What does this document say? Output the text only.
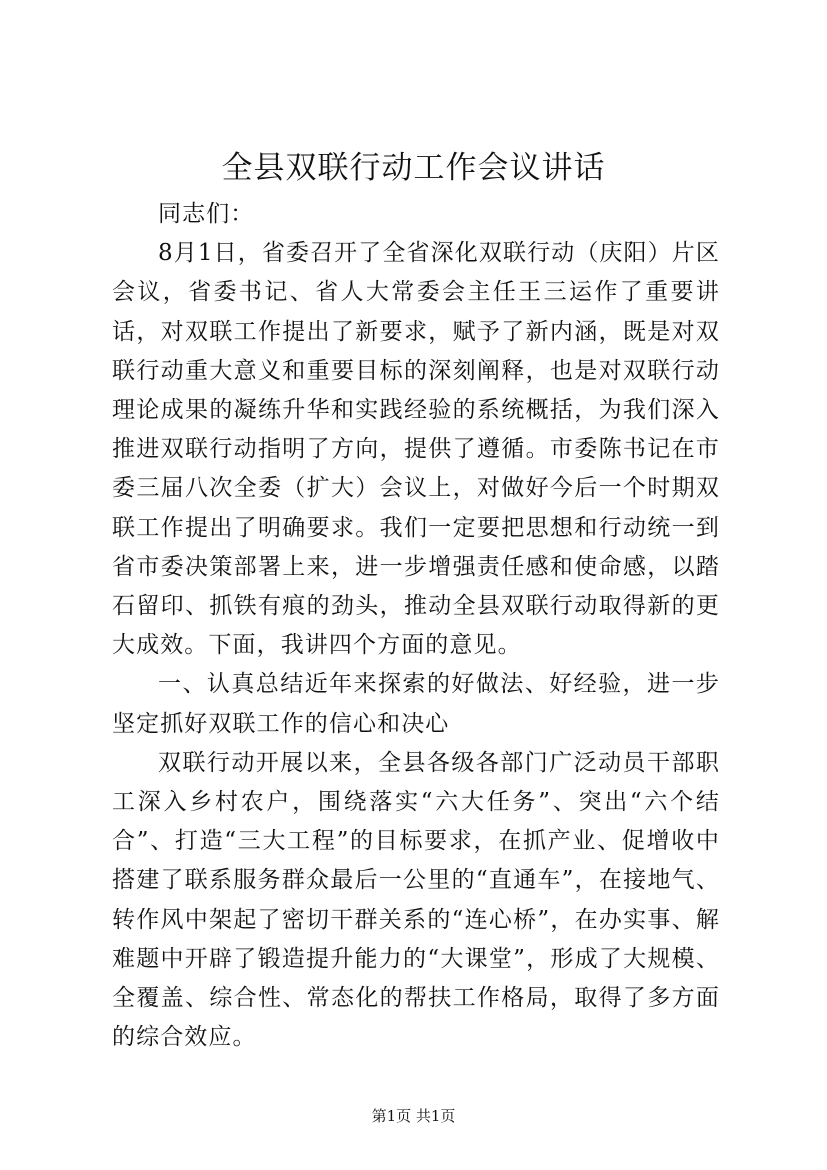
全县双联行动工作会议讲话

同志们：

8月1日，省委召开了全省深化双联行动（庆阳）片区会议，省委书记、省人大常委会主任王三运作了重要讲话，对双联工作提出了新要求，赋予了新内涵，既是对双联行动重大意义和重要目标的深刻阐释，也是对双联行动理论成果的凝练升华和实践经验的系统概括，为我们深入推进双联行动指明了方向，提供了遵循。市委陈书记在市委三届八次全委（扩大）会议上，对做好今后一个时期双联工作提出了明确要求。我们一定要把思想和行动统一到省市委决策部署上来，进一步增强责任感和使命感，以踏石留印、抓铁有痕的劲头，推动全县双联行动取得新的更大成效。下面，我讲四个方面的意见。

一、认真总结近年来探索的好做法、好经验，进一步坚定抓好双联工作的信心和决心

双联行动开展以来，全县各级各部门广泛动员干部职工深入乡村农户，围绕落实“六大任务”、突出“六个结合”、打造“三大工程”的目标要求，在抓产业、促增收中搭建了联系服务群众最后一公里的“直通车”，在接地气、转作风中架起了密切干群关系的“连心桥”，在办实事、解难题中开辟了锻造提升能力的“大课堂”，形成了大规模、全覆盖、综合性、常态化的帮扶工作格局，取得了多方面的综合效应。

第1页 共1页
